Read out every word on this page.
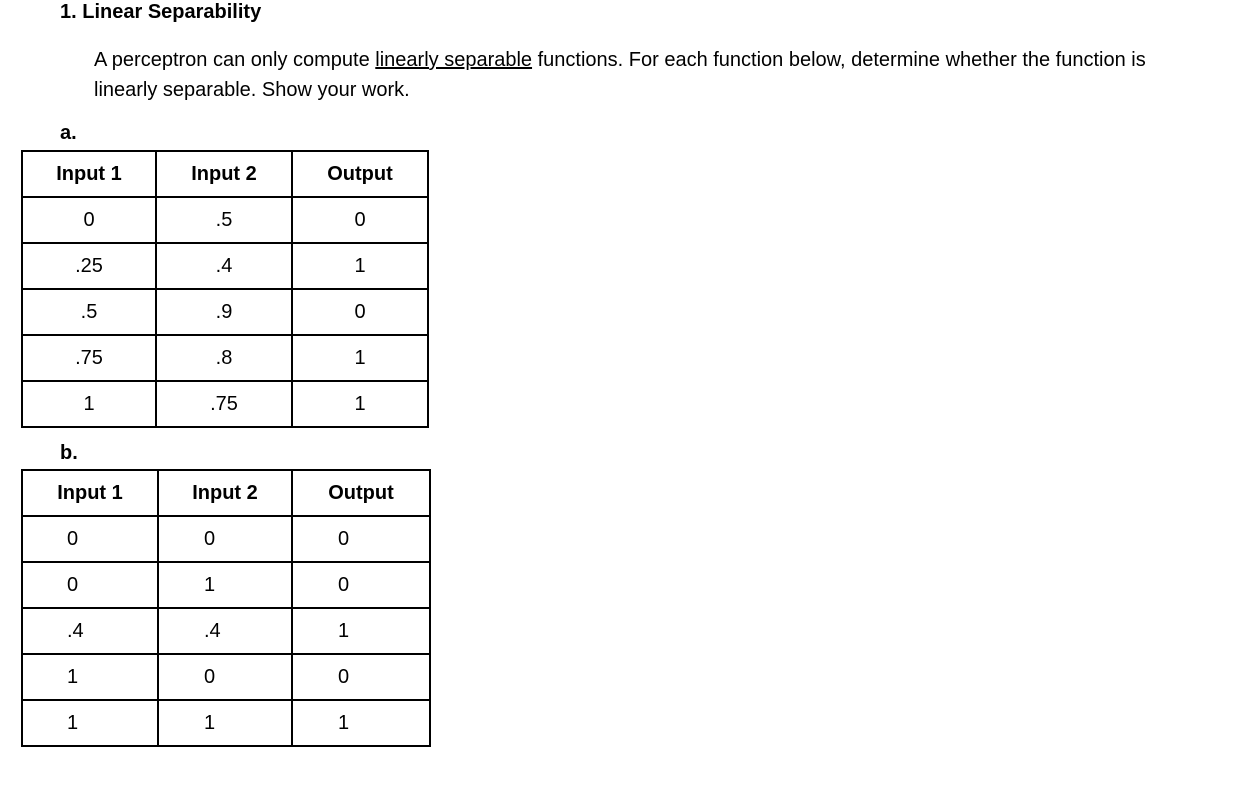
1. Linear Separability
A perceptron can only compute linearly separable functions. For each function below, determine whether the function is
linearly separable. Show your work.
a.
Input 1	Input 2	Output
0	.5	0
.25	.4	1
.5	.9	0
.75	.8	1
1	.75	1
b.
Input 1	Input 2	Output
0	0	0
0	1	0
.4	.4	1
1	0	0
1	1	1
